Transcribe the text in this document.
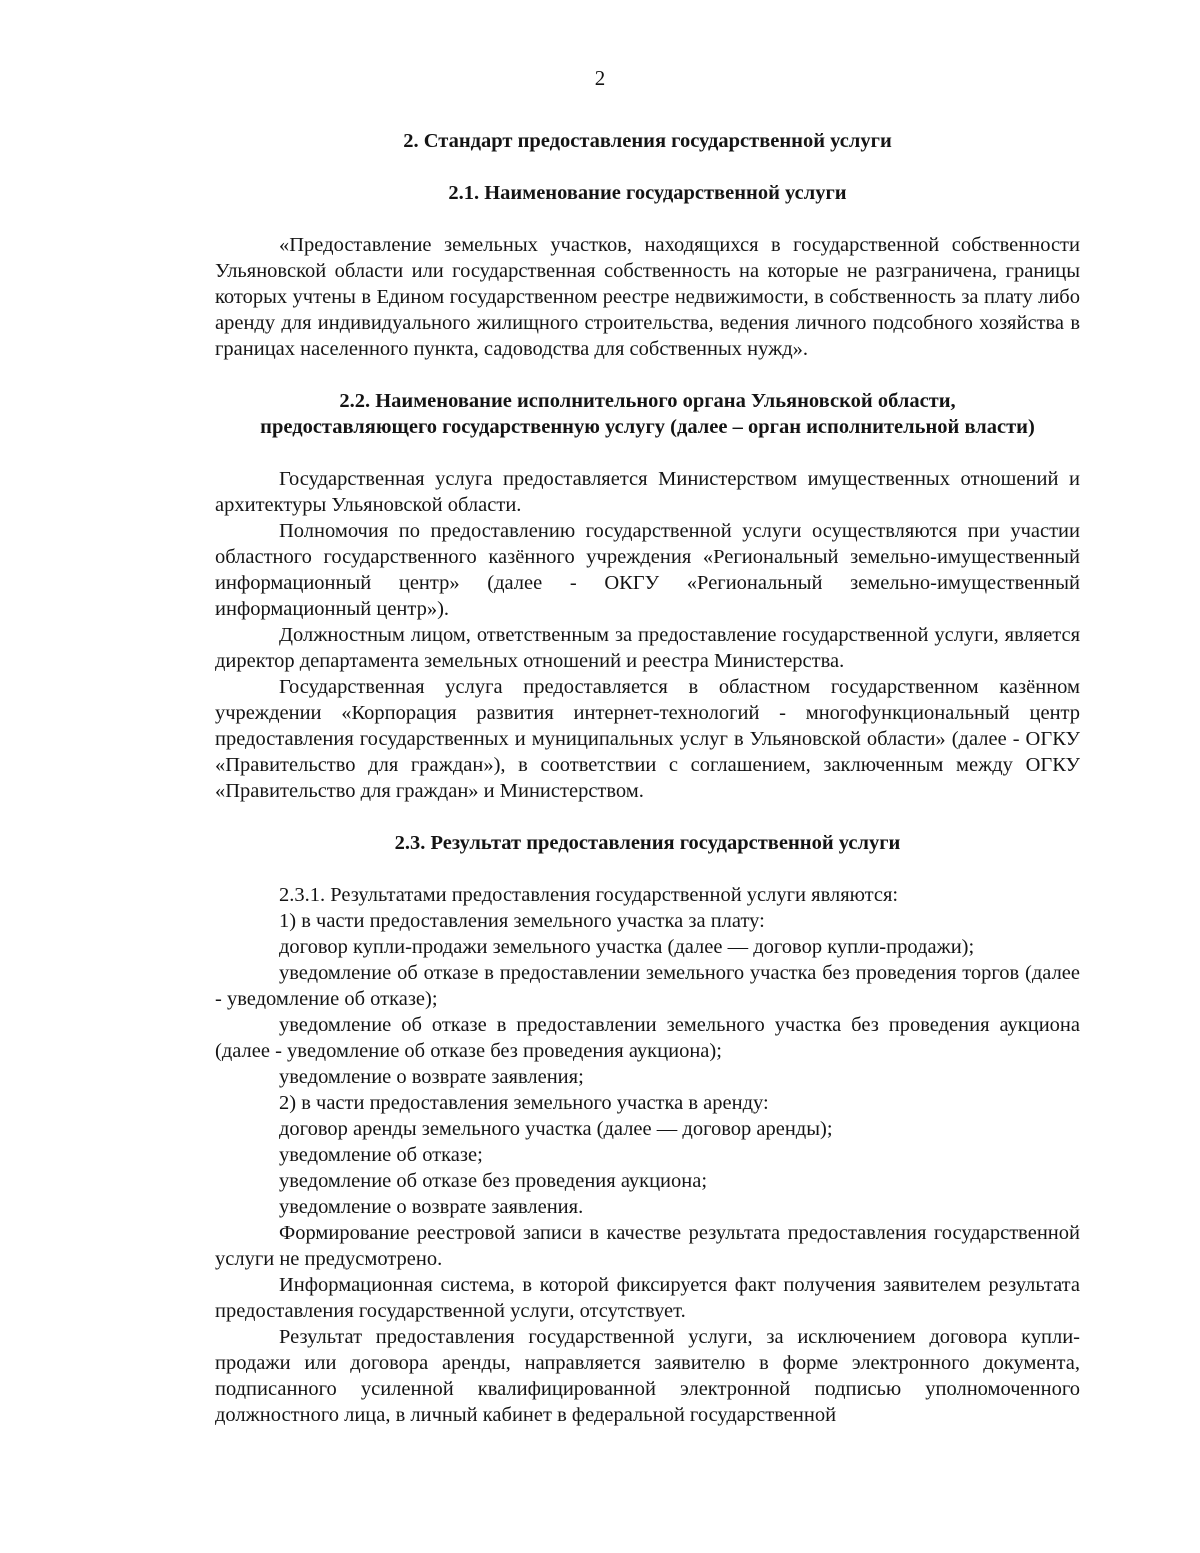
2
2. Стандарт предоставления государственной услуги
2.1. Наименование государственной услуги

«Предоставление земельных участков, находящихся в государственной собственности Ульяновской области или государственная собственность на которые не разграничена, границы которых учтены в Едином государственном реестре недвижимости, в собственность за плату либо аренду для индивидуального жилищного строительства, ведения личного подсобного хозяйства в границах населенного пункта, садоводства для собственных нужд».

2.2. Наименование исполнительного органа Ульяновской области,
предоставляющего государственную услугу (далее – орган исполнительной власти)

Государственная услуга предоставляется Министерством имущественных отношений и архитектуры Ульяновской области.

Полномочия по предоставлению государственной услуги осуществляются при участии областного государственного казённого учреждения «Региональный земельно-имущественный информационный центр» (далее - ОКГУ «Региональный земельно-имущественный информационный центр»).

Должностным лицом, ответственным за предоставление государственной услуги, является директор департамента земельных отношений и реестра Министерства.

Государственная услуга предоставляется в областном государственном казённом учреждении «Корпорация развития интернет-технологий - многофункциональный центр предоставления государственных и муниципальных услуг в Ульяновской области» (далее - ОГКУ «Правительство для граждан»), в соответствии с соглашением, заключенным между ОГКУ «Правительство для граждан» и Министерством.

2.3. Результат предоставления государственной услуги

2.3.1. Результатами предоставления государственной услуги являются:

1) в части предоставления земельного участка за плату:

договор купли-продажи земельного участка (далее — договор купли-продажи);

уведомление об отказе в предоставлении земельного участка без проведения торгов (далее - уведомление об отказе);

уведомление об отказе в предоставлении земельного участка без проведения аукциона (далее - уведомление об отказе без проведения аукциона);

уведомление о возврате заявления;

2) в части предоставления земельного участка в аренду:

договор аренды земельного участка (далее — договор аренды);

уведомление об отказе;

уведомление об отказе без проведения аукциона;

уведомление о возврате заявления.

Формирование реестровой записи в качестве результата предоставления государственной услуги не предусмотрено.

Информационная система, в которой фиксируется факт получения заявителем результата предоставления государственной услуги, отсутствует.

Результат предоставления государственной услуги, за исключением договора купли-продажи или договора аренды, направляется заявителю в форме электронного документа, подписанного усиленной квалифицированной электронной подписью уполномоченного должностного лица, в личный кабинет в федеральной государственной
